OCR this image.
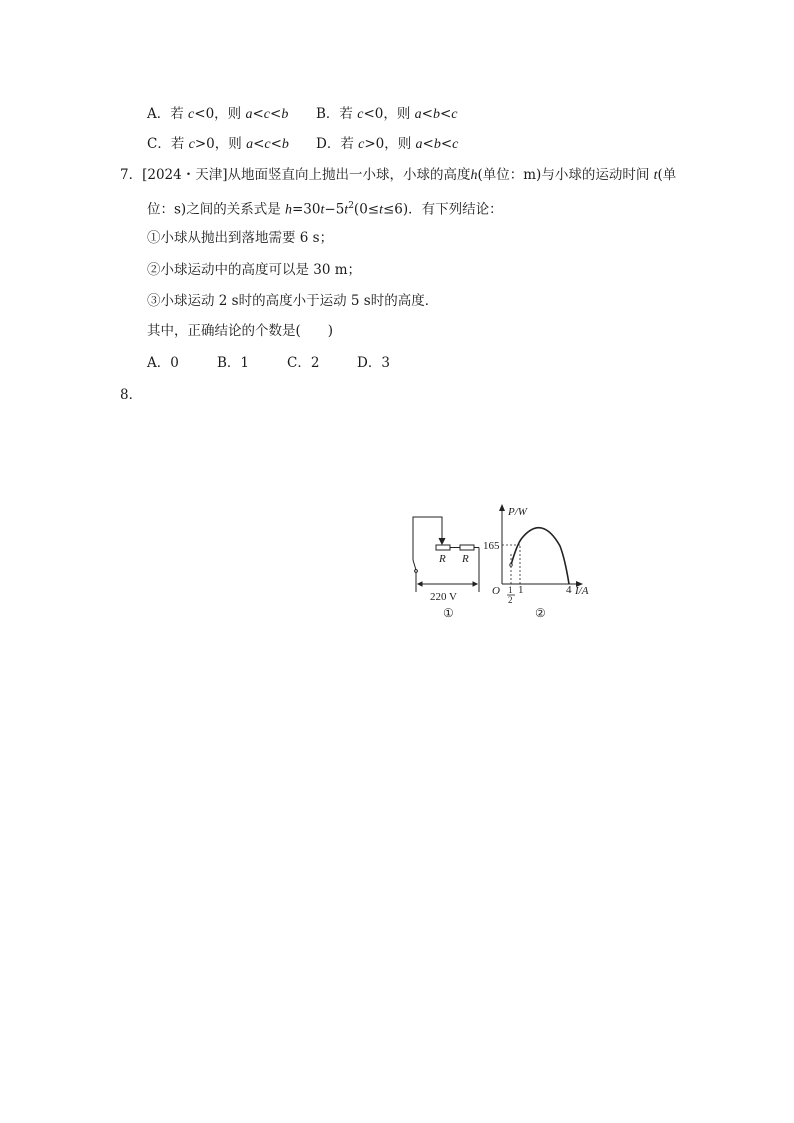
A．若 c<0，则 a<c<b B．若 c<0，则 a<b<c
C．若 c>0，则 a<c<b D．若 c>0，则 a<b<c
7．[2024・天津]从地面竖直向上抛出一小球，小球的高度h(单位：m)与小球的运动时间 t(单
位：s)之间的关系式是 $h=30t-5t^2(0\le t\le 6)$．有下列结论：
①小球从抛出到落地需要 6 s；
②小球运动中的高度可以是 30 m；
③小球运动 2 s时的高度小于运动 5 s时的高度．
其中，正确结论的个数是(　　)
A．0	B．1	C．2	D．3
8．
R R
220 V
①
P/W
I/A
O
165
1
2
1	4
②
